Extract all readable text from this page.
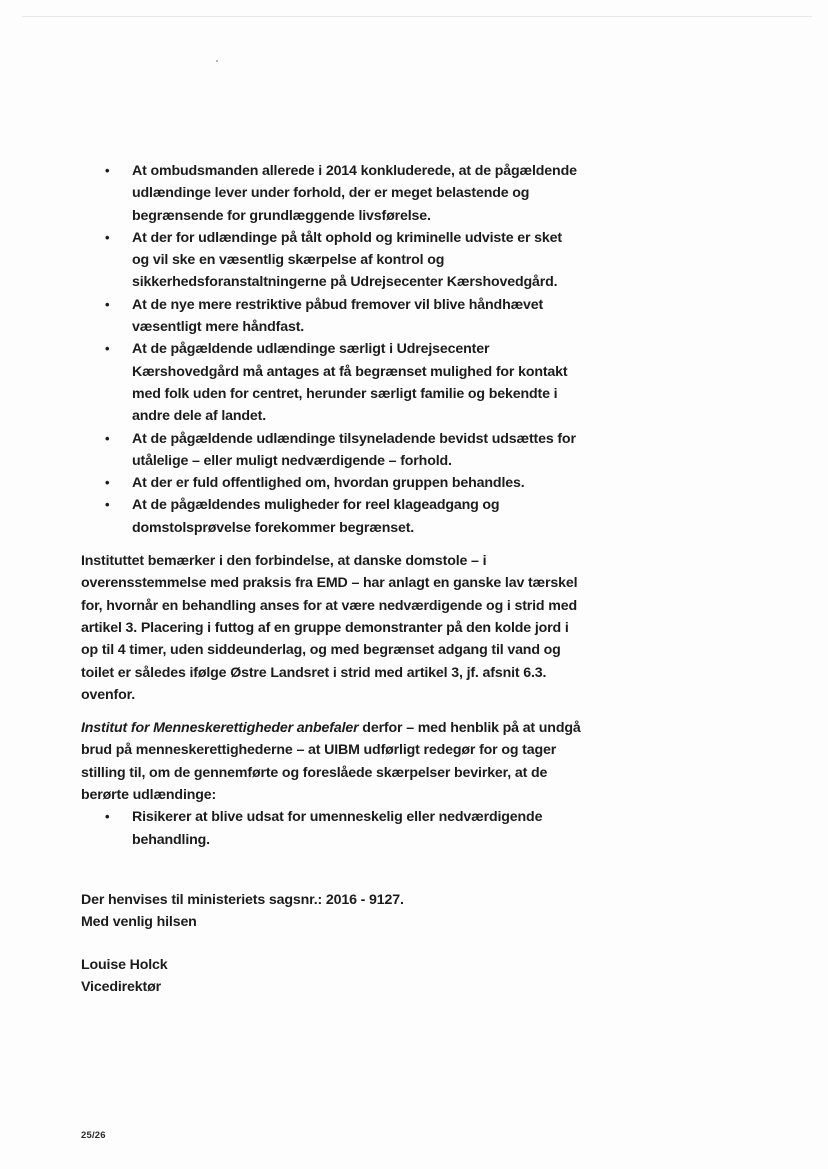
• At ombudsmanden allerede i 2014 konkluderede, at de pågældende udlændinge lever under forhold, der er meget belastende og begrænsende for grundlæggende livsførelse.
• At der for udlændinge på tålt ophold og kriminelle udviste er sket og vil ske en væsentlig skærpelse af kontrol og sikkerhedsforanstaltningerne på Udrejsecenter Kærshovedgård.
• At de nye mere restriktive påbud fremover vil blive håndhævet væsentligt mere håndfast.
• At de pågældende udlændinge særligt i Udrejsecenter Kærshovedgård må antages at få begrænset mulighed for kontakt med folk uden for centret, herunder særligt familie og bekendte i andre dele af landet.
• At de pågældende udlændinge tilsyneladende bevidst udsættes for utålelige – eller muligt nedværdigende – forhold.
• At der er fuld offentlighed om, hvordan gruppen behandles.
• At de pågældendes muligheder for reel klageadgang og domstolsprøvelse forekommer begrænset.

Instituttet bemærker i den forbindelse, at danske domstole – i overensstemmelse med praksis fra EMD – har anlagt en ganske lav tærskel for, hvornår en behandling anses for at være nedværdigende og i strid med artikel 3. Placering i futtog af en gruppe demonstranter på den kolde jord i op til 4 timer, uden siddeunderlag, og med begrænset adgang til vand og toilet er således ifølge Østre Landsret i strid med artikel 3, jf. afsnit 6.3. ovenfor.

Institut for Menneskerettigheder anbefaler derfor – med henblik på at undgå brud på menneskerettighederne – at UIBM udførligt redegør for og tager stilling til, om de gennemførte og foreslåede skærpelser bevirker, at de berørte udlændinge:

• Risikerer at blive udsat for umenneskelig eller nedværdigende behandling.

Der henvises til ministeriets sagsnr.: 2016 - 9127.

Med venlig hilsen

Louise Holck

Vicedirektør

25/26
